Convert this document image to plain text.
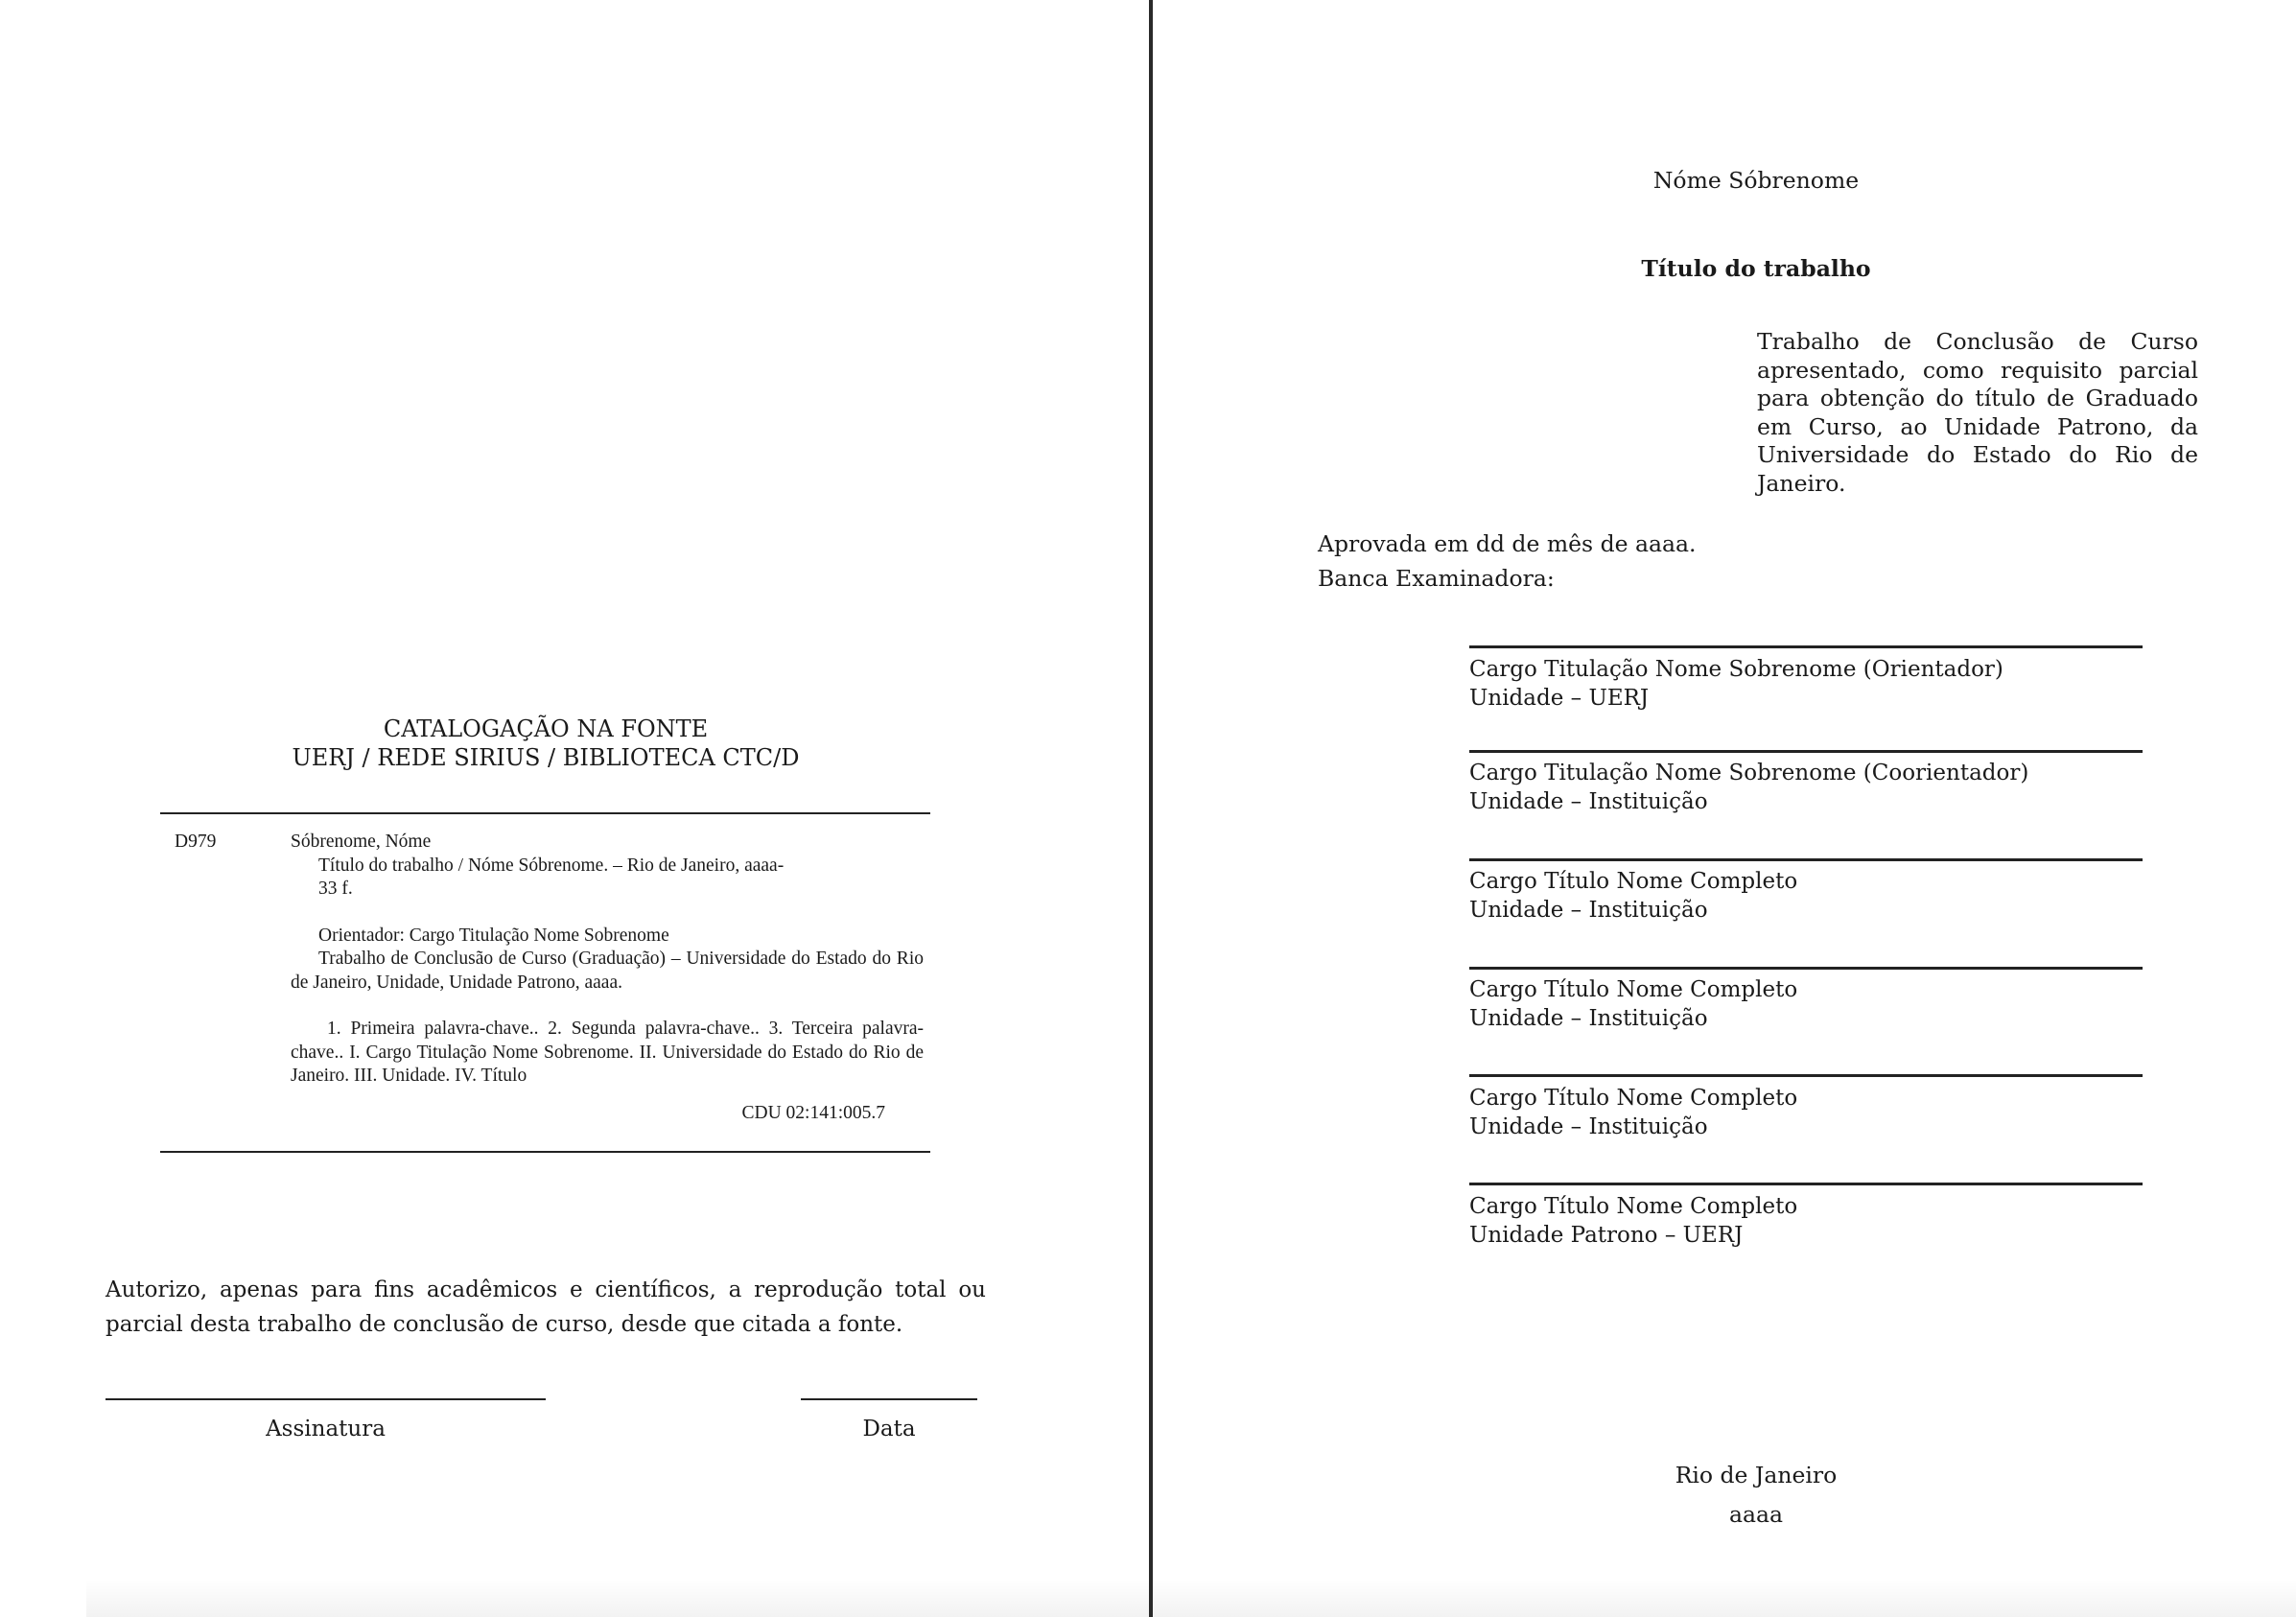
CATALOGAÇÃO NA FONTE
UERJ / REDE SIRIUS / BIBLIOTECA CTC/D
D979	Sóbrenome, Nóme
Título do trabalho / Nóme Sóbrenome. – Rio de Janeiro, aaaa-
33 f.
Orientador: Cargo Titulação Nome Sobrenome
Trabalho de Conclusão de Curso (Graduação) – Universidade do Estado do Rio de Janeiro, Unidade, Unidade Patrono, aaaa.
1. Primeira palavra-chave.. 2. Segunda palavra-chave.. 3. Terceira palavra-chave.. I. Cargo Titulação Nome Sobrenome. II. Universidade do Estado do Rio de Janeiro. III. Unidade. IV. Título
CDU 02:141:005.7
Autorizo, apenas para fins acadêmicos e científicos, a reprodução total ou parcial desta trabalho de conclusão de curso, desde que citada a fonte.
Assinatura	Data
Nóme Sóbrenome
Título do trabalho
Trabalho de Conclusão de Curso apresentado, como requisito parcial para obtenção do título de Graduado em Curso, ao Unidade Patrono, da Universidade do Estado do Rio de Janeiro.
Aprovada em dd de mês de aaaa.
Banca Examinadora:
Cargo Titulação Nome Sobrenome (Orientador)
Unidade – UERJ
Cargo Titulação Nome Sobrenome (Coorientador)
Unidade – Instituição
Cargo Título Nome Completo
Unidade – Instituição
Cargo Título Nome Completo
Unidade – Instituição
Cargo Título Nome Completo
Unidade – Instituição
Cargo Título Nome Completo
Unidade Patrono – UERJ
Rio de Janeiro
aaaa
